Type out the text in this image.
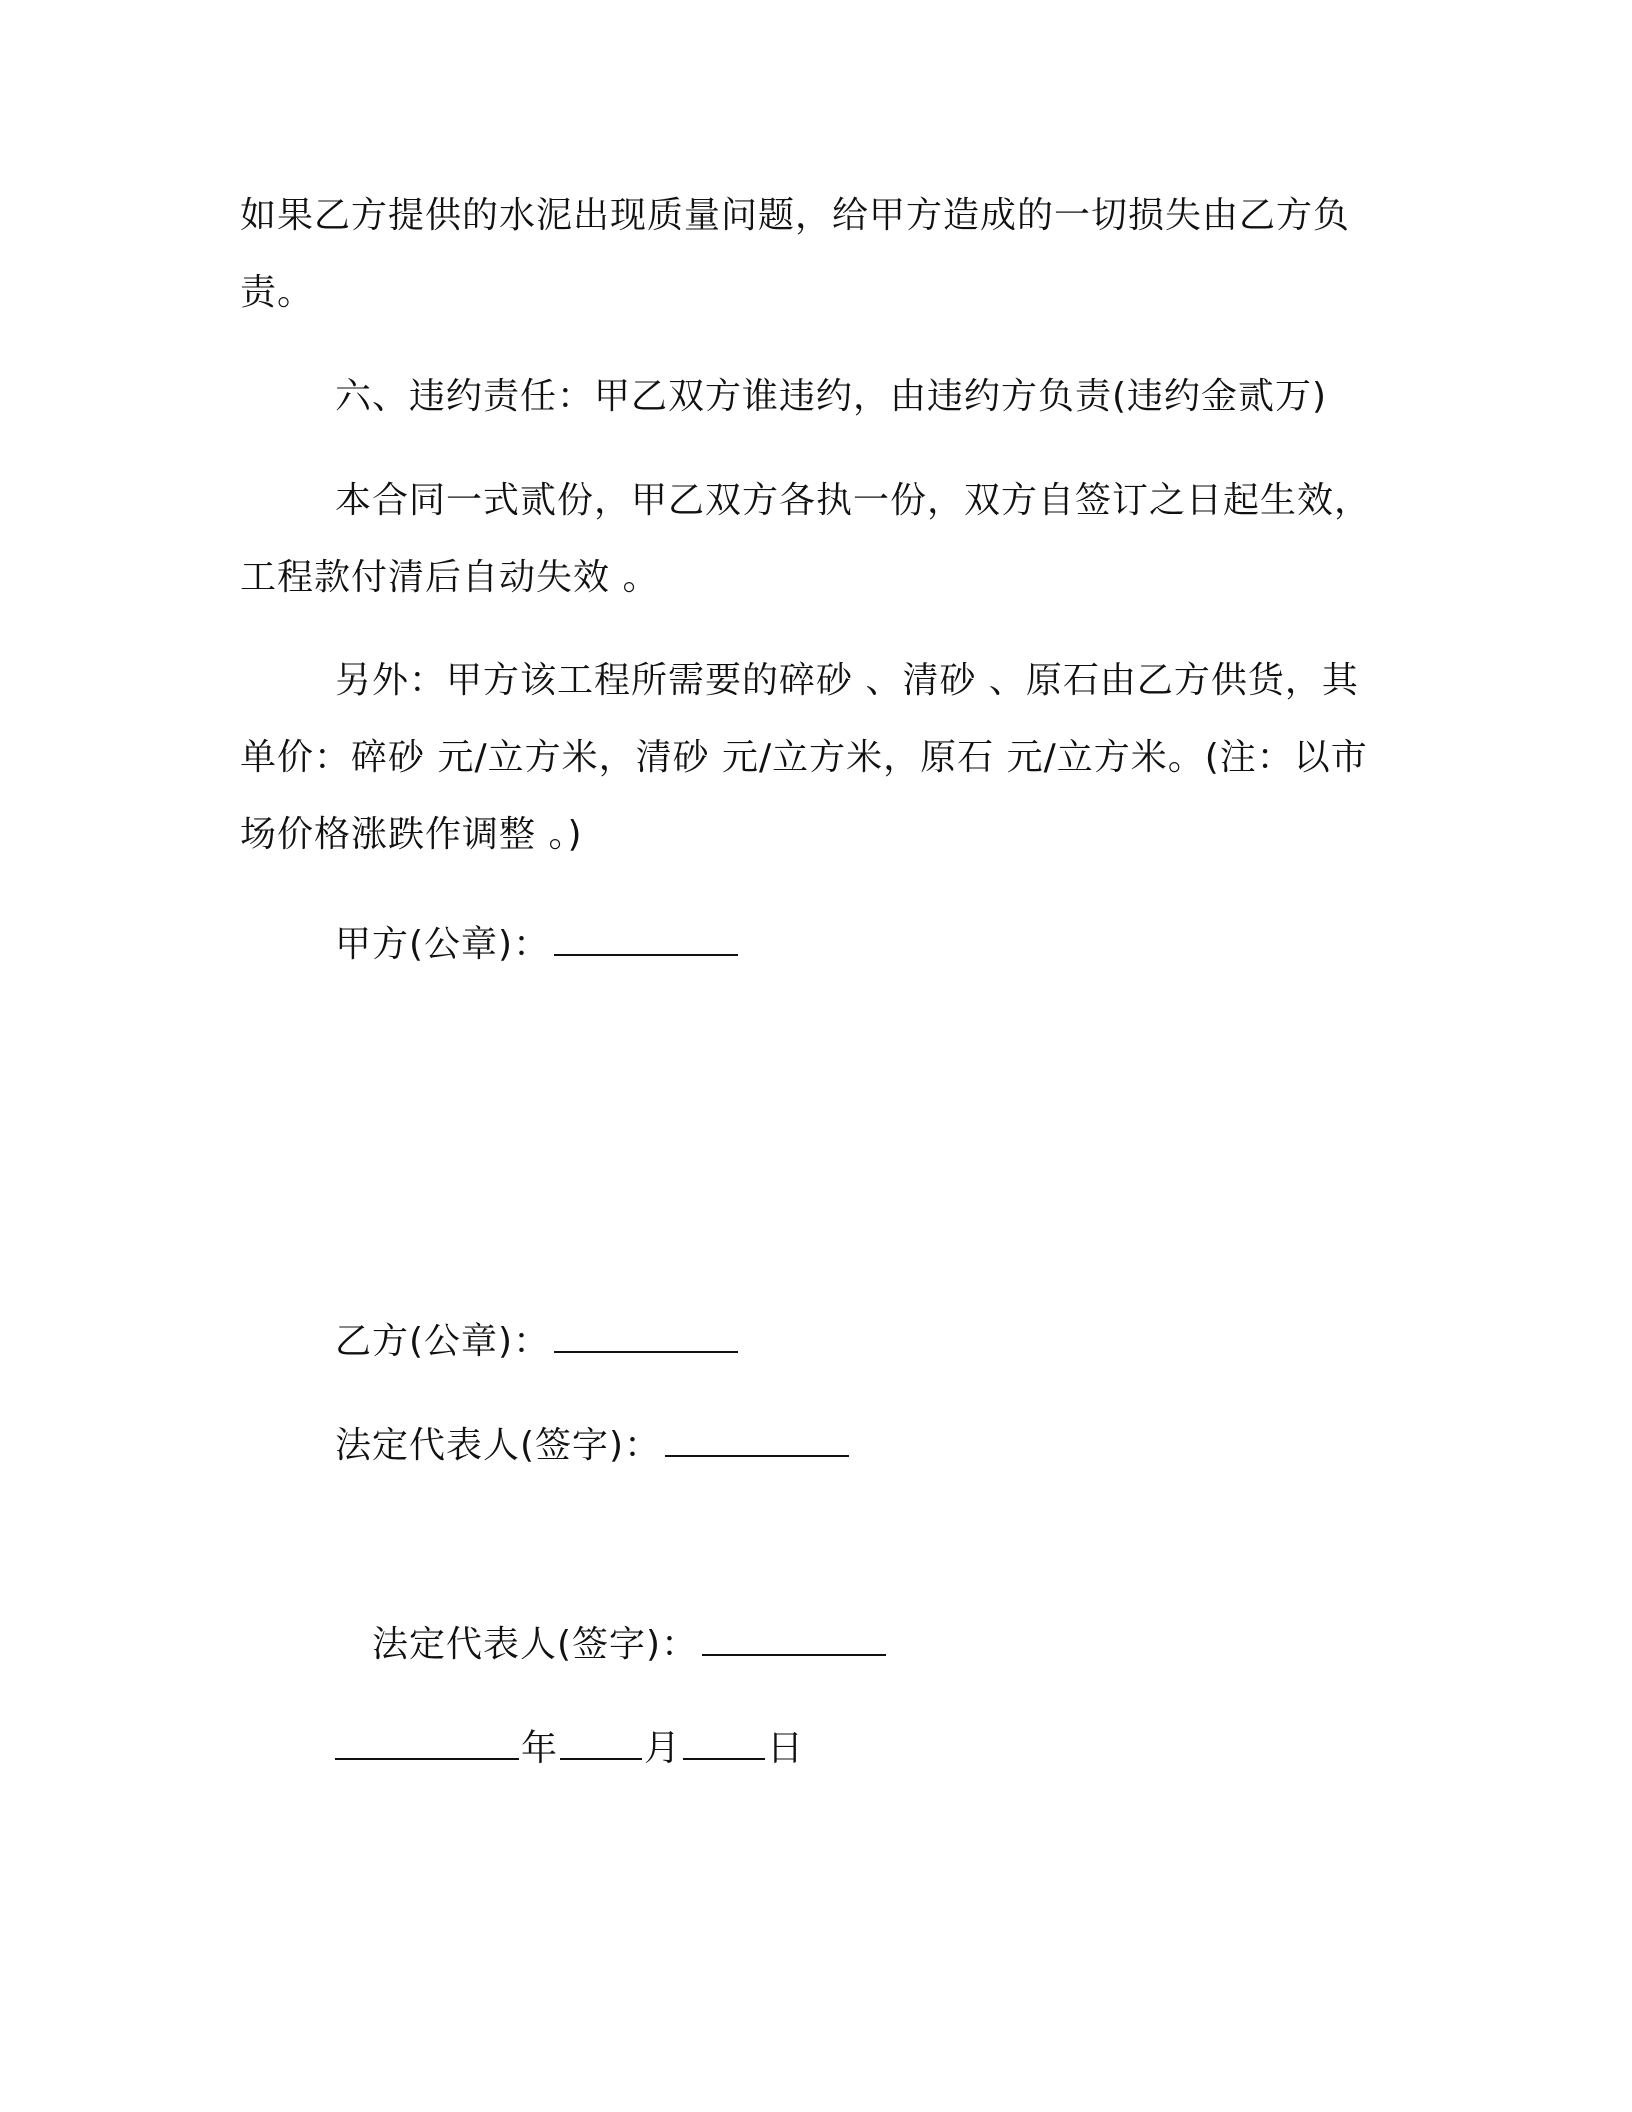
如果乙方提供的水泥出现质量问题，给甲方造成的一切损失由乙方负

责。

六、违约责任：甲乙双方谁违约，由违约方负责(违约金贰万)

本合同一式贰份，甲乙双方各执一份，双方自签订之日起生效，

工程款付清后自动失效 。

另外：甲方该工程所需要的碎砂 、清砂 、原石由乙方供货，其

单价：碎砂 元/立方米，清砂 元/立方米，原石 元/立方米。(注：以市

场价格涨跌作调整 。)

甲方(公章)：

乙方(公章)：

法定代表人(签字)：

法定代表人(签字)：

年 月 日
